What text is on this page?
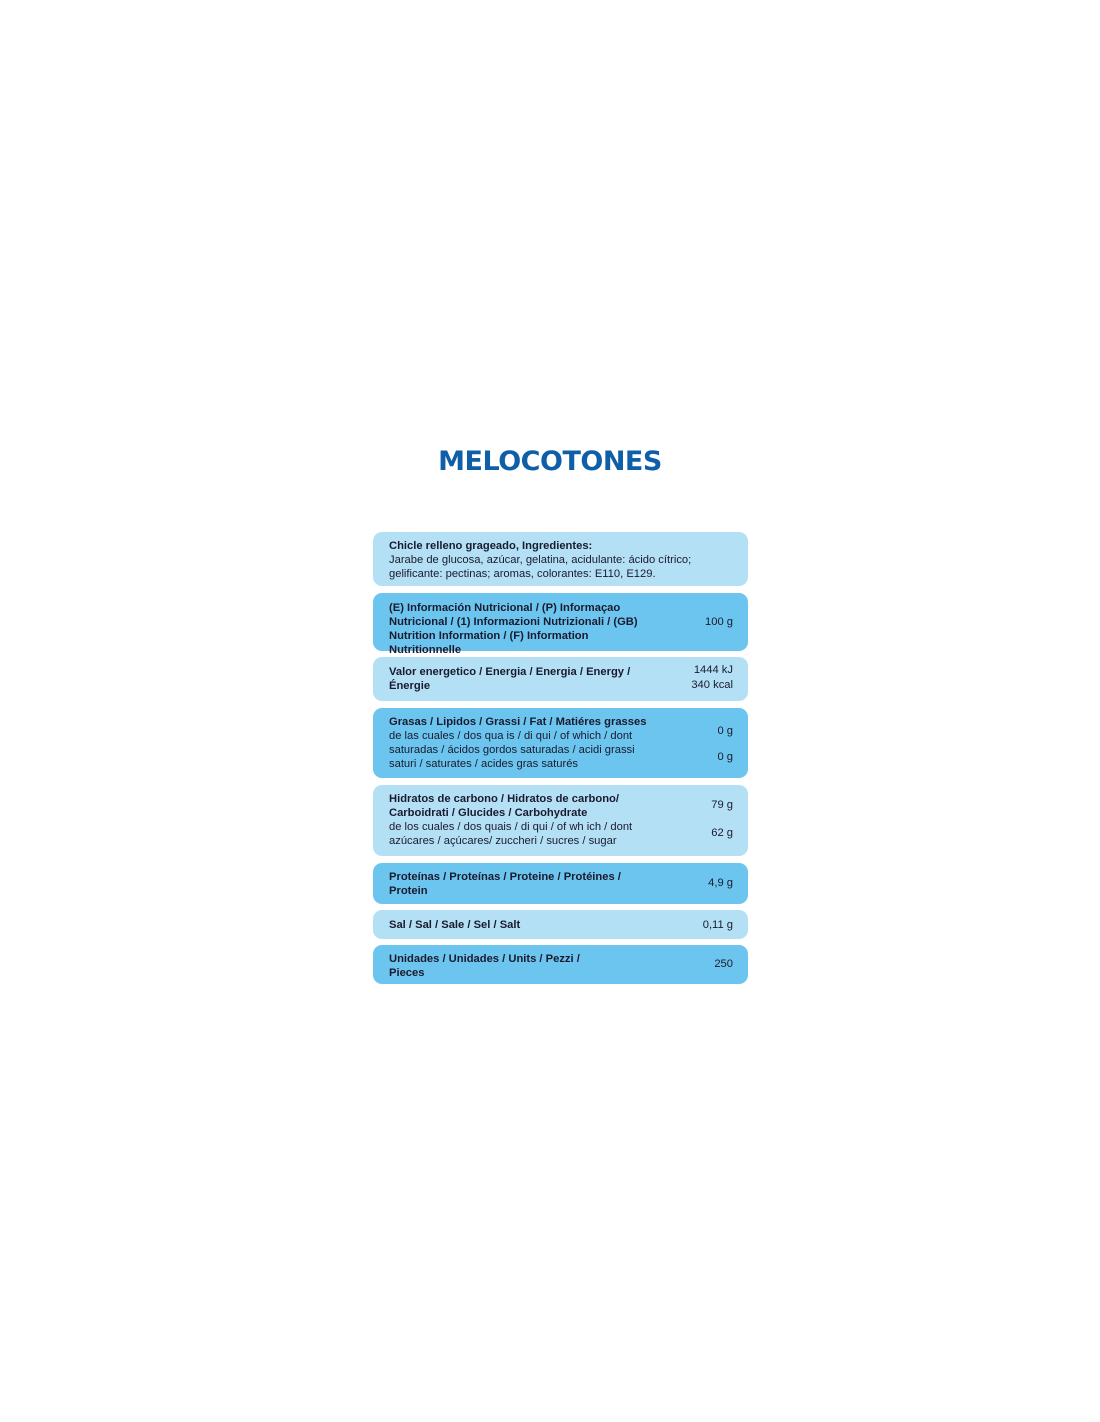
MELOCOTONES
Chicle relleno grageado, Ingredientes:
Jarabe de glucosa, azúcar, gelatina, acidulante: ácido cítrico; gelificante: pectinas; aromas, colorantes: E110, E129.
(E) Información Nutricional / (P) Informaçao Nutricional / (1) Informazioni Nutrizionali / (GB) Nutrition Information / (F) Information Nutritionnelle
100 g
Valor energetico / Energia / Energia / Energy / Énergie
1444 kJ
340 kcal
Grasas / Lipidos / Grassi / Fat / Matiéres grasses
de las cuales / dos qua is / di qui / of which / dont saturadas / ácidos gordos saturadas / acidi grassi saturi / saturates / acides gras saturés
0 g
0 g
Hidratos de carbono / Hidratos de carbono/ Carboidrati / Glucides / Carbohydrate
de los cuales / dos quais / di qui / of wh ich / dont azúcares / açúcares/ zuccheri / sucres / sugar
79 g
62 g
Proteínas / Proteínas / Proteine / Protéines / Protein
4,9 g
Sal / Sal / Sale / Sel / Salt	0,11 g
Unidades / Unidades / Units / Pezzi / Pieces
250
